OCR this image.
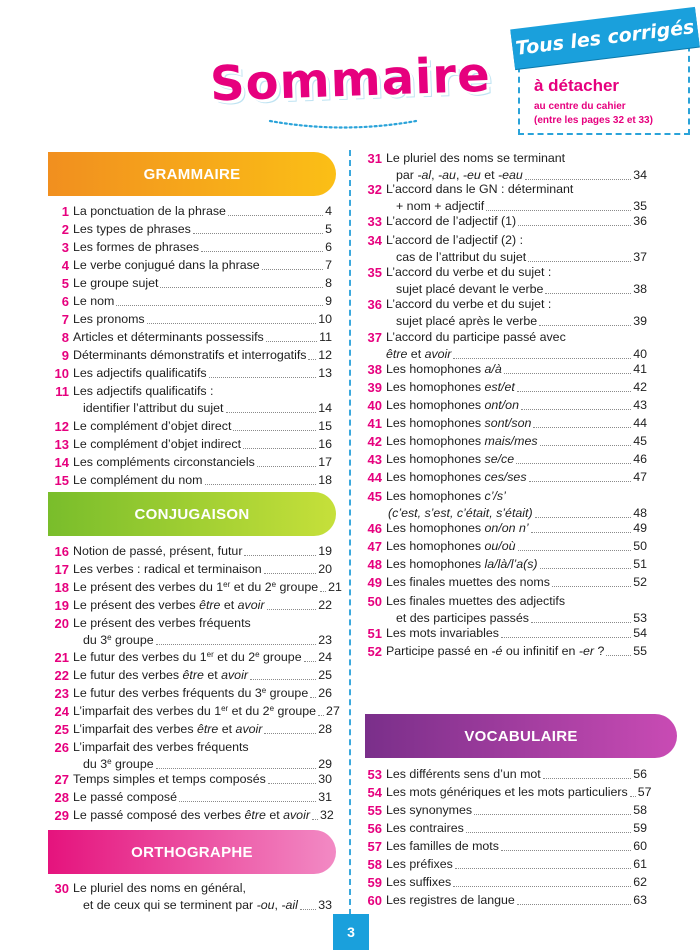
Sommaire
Tous les corrigés
à détacher
au centre du cahier
(entre les pages 32 et 33)
GRAMMAIRE
CONJUGAISON
ORTHOGRAPHE
VOCABULAIRE
1 La ponctuation de la phrase	4
2 Les types de phrases	5
3 Les formes de phrases	6
4 Le verbe conjugué dans la phrase	7
5 Le groupe sujet	8
6 Le nom	9
7 Les pronoms	10
8 Articles et déterminants possessifs	11
9 Déterminants démonstratifs et interrogatifs 12
10 Les adjectifs qualificatifs	13
11 Les adjectifs qualificatifs :
identifier l’attribut du sujet	14
12 Le complément d’objet direct	15
13 Le complément d’objet indirect	16
14 Les compléments circonstanciels	17
15 Le complément du nom	18
16 Notion de passé, présent, futur	19
17 Les verbes : radical et terminaison	20
18 Le présent des verbes du 1er et du 2e groupe 21
19 Le présent des verbes être et avoir	22
20 Le présent des verbes fréquents
du 3e groupe	23
21 Le futur des verbes du 1er et du 2e groupe 24
22 Le futur des verbes être et avoir	25
23 Le futur des verbes fréquents du 3e groupe 26
24 L’imparfait des verbes du 1er et du 2e groupe 27
25 L’imparfait des verbes être et avoir	28
26 L’imparfait des verbes fréquents
du 3e groupe	29
27 Temps simples et temps composés	30
28 Le passé composé	31
29 Le passé composé des verbes être et avoir 32
30 Le pluriel des noms en général,
et de ceux qui se terminent par -ou, -ail 33
31 Le pluriel des noms se terminant
par -al, -au, -eu et -eau	34
32 L’accord dans le GN : déterminant
+ nom + adjectif	35
33 L’accord de l’adjectif (1)	36
34 L’accord de l’adjectif (2) :
cas de l’attribut du sujet	37
35 L’accord du verbe et du sujet :
sujet placé devant le verbe	38
36 L’accord du verbe et du sujet :
sujet placé après le verbe	39
37 L’accord du participe passé avec
être et avoir	40
38 Les homophones a/à	41
39 Les homophones est/et	42
40 Les homophones ont/on	43
41 Les homophones sont/son	44
42 Les homophones mais/mes	45
43 Les homophones se/ce	46
44 Les homophones ces/ses	47
45 Les homophones c’/s’
(c’est, s’est, c’était, s’était)	48
46 Les homophones on/on n’	49
47 Les homophones ou/où	50
48 Les homophones la/là/l’a(s)	51
49 Les finales muettes des noms	52
50 Les finales muettes des adjectifs
et des participes passés	53
51 Les mots invariables	54
52 Participe passé en -é ou infinitif en -er ? 55
53 Les différents sens d’un mot	56
54 Les mots génériques et les mots particuliers 57
55 Les synonymes	58
56 Les contraires	59
57 Les familles de mots	60
58 Les préfixes	61
59 Les suffixes	62
60 Les registres de langue	63
3
